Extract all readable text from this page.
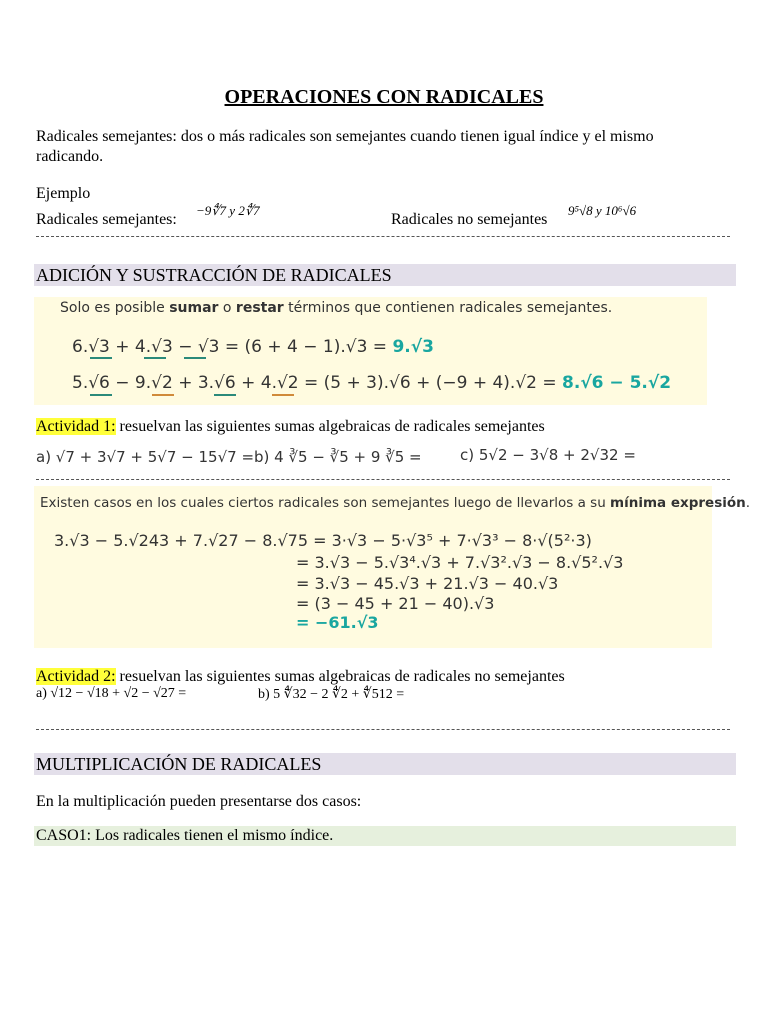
OPERACIONES CON RADICALES
Radicales semejantes: dos o más radicales son semejantes cuando tienen igual índice y el mismo
radicando.
Ejemplo
Radicales semejantes:
−9∜7 y 2∜7
Radicales no semejantes
9⁵√8 y 10⁶√6
ADICIÓN Y SUSTRACCIÓN DE RADICALES
Solo es posible sumar o restar términos que contienen radicales semejantes.
6.√3 + 4.√3 − √3 = (6 + 4 − 1).√3 = 9.√3
5.√6 − 9.√2 + 3.√6 + 4.√2 = (5 + 3).√6 + (−9 + 4).√2 = 8.√6 − 5.√2
Actividad 1: resuelvan las siguientes sumas algebraicas de radicales semejantes
a) √7 + 3√7 + 5√7 − 15√7 = b) 4 ∛5 − ∛5 + 9 ∛5 =	c) 5√2 − 3√8 + 2√32 =
Existen casos en los cuales ciertos radicales son semejantes luego de llevarlos a su mínima expresión.
3.√3 − 5.√243 + 7.√27 − 8.√75 = 3·√3 − 5·√3⁵ + 7·√3³ − 8·√(5²·3)
= 3.√3 − 5.√3⁴.√3 + 7.√3².√3 − 8.√5².√3
= 3.√3 − 45.√3 + 21.√3 − 40.√3
= (3 − 45 + 21 − 40).√3
= −61.√3
Actividad 2: resuelvan las siguientes sumas algebraicas de radicales no semejantes
a) √12 − √18 + √2 − √27 =	b) 5 ∜32 − 2 ∜2 + ∜512 =
MULTIPLICACIÓN DE RADICALES
En la multiplicación pueden presentarse dos casos:
CASO1: Los radicales tienen el mismo índice.
